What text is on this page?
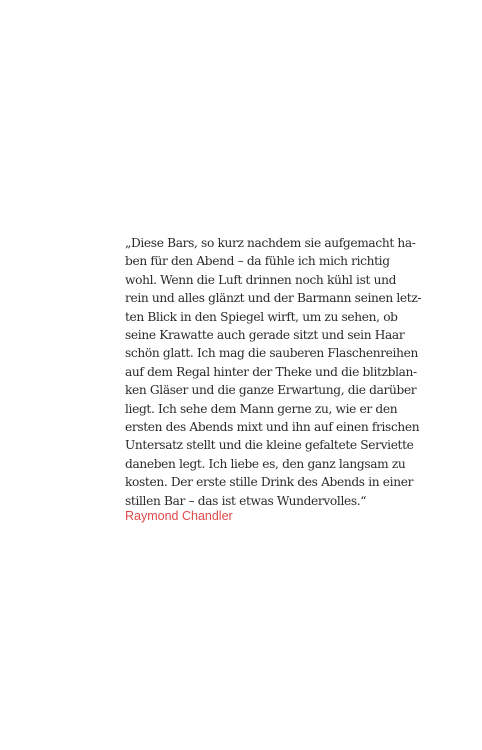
„Diese Bars, so kurz nachdem sie aufgemacht ha-
ben für den Abend – da fühle ich mich richtig
wohl. Wenn die Luft drinnen noch kühl ist und
rein und alles glänzt und der Barmann seinen letz-
ten Blick in den Spiegel wirft, um zu sehen, ob
seine Krawatte auch gerade sitzt und sein Haar
schön glatt. Ich mag die sauberen Flaschenreihen
auf dem Regal hinter der Theke und die blitzblan-
ken Gläser und die ganze Erwartung, die darüber
liegt. Ich sehe dem Mann gerne zu, wie er den
ersten des Abends mixt und ihn auf einen frischen
Untersatz stellt und die kleine gefaltete Serviette
daneben legt. Ich liebe es, den ganz langsam zu
kosten. Der erste stille Drink des Abends in einer
stillen Bar – das ist etwas Wundervolles.“
Raymond Chandler
